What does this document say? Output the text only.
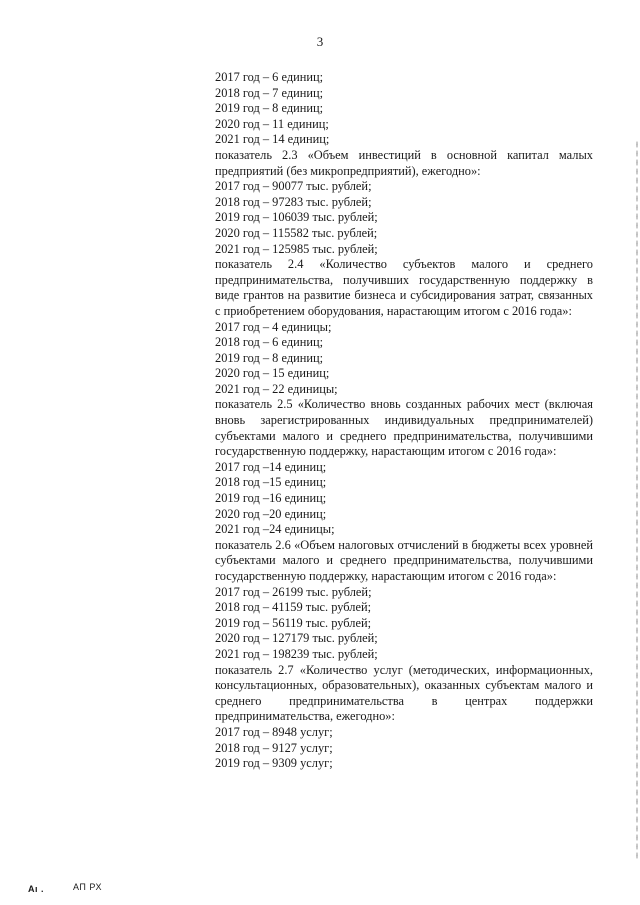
3
2017 год – 6 единиц;
2018 год – 7 единиц;
2019 год – 8 единиц;
2020 год – 11 единиц;
2021 год – 14 единиц;
показатель 2.3 «Объем инвестиций в основной капитал малых предприятий (без микропредприятий), ежегодно»:
2017 год – 90077 тыс. рублей;
2018 год – 97283 тыс. рублей;
2019 год – 106039 тыс. рублей;
2020 год – 115582 тыс. рублей;
2021 год – 125985 тыс. рублей;
показатель 2.4 «Количество субъектов малого и среднего предпринимательства, получивших государственную поддержку в виде грантов на развитие бизнеса и субсидирования затрат, связанных с приобретением оборудования, нарастающим итогом с 2016 года»:
2017 год – 4 единицы;
2018 год – 6 единиц;
2019 год – 8 единиц;
2020 год – 15 единиц;
2021 год – 22 единицы;
показатель 2.5 «Количество вновь созданных рабочих мест (включая вновь зарегистрированных индивидуальных предпринимателей) субъектами малого и среднего предпринимательства, получившими государственную поддержку, нарастающим итогом с 2016 года»:
2017 год –14 единиц;
2018 год –15 единиц;
2019 год –16 единиц;
2020 год –20 единиц;
2021 год –24 единицы;
показатель 2.6 «Объем налоговых отчислений в бюджеты всех уровней субъектами малого и среднего предпринимательства, получившими государственную поддержку, нарастающим итогом с 2016 года»:
2017 год – 26199 тыс. рублей;
2018 год – 41159 тыс. рублей;
2019 год – 56119 тыс. рублей;
2020 год – 127179 тыс. рублей;
2021 год – 198239 тыс. рублей;
показатель 2.7 «Количество услуг (методических, информационных, консультационных, образовательных), оказанных субъектам малого и среднего предпринимательства в центрах поддержки предпринимательства, ежегодно»:
2017 год – 8948 услуг;
2018 год – 9127 услуг;
2019 год – 9309 услуг;
Аı .	АП РХ
